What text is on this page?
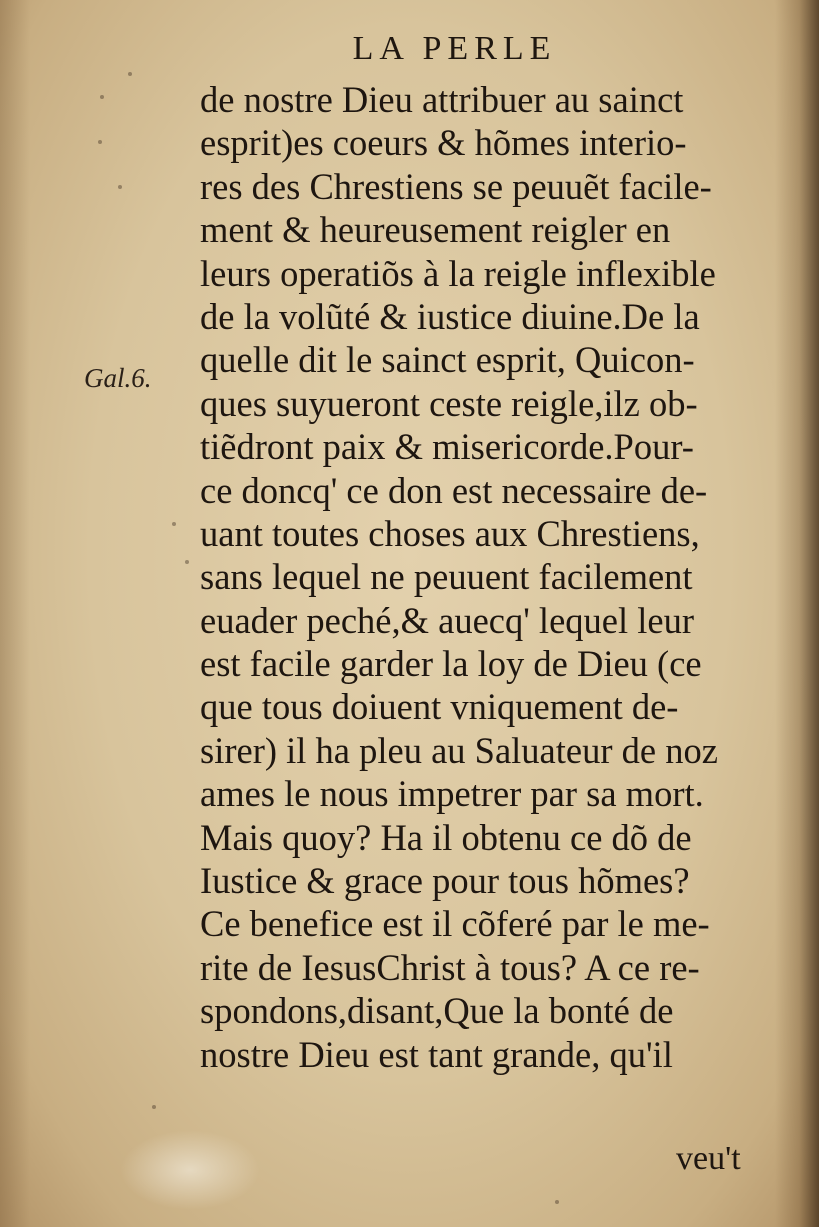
LA PERLE
Gal.6.
de nostre Dieu attribuer au sainct
esprit)es coeurs & hõmes interio-
res des Chrestiens se peuuẽt facile-
ment & heureusement reigler en
leurs operatiõs à la reigle inflexible
de la volũté & iustice diuine.De la
quelle dit le sainct esprit, Quicon-
ques suyueront ceste reigle,ilz ob-
tiẽdront paix & misericorde.Pour-
ce doncq' ce don est necessaire de-
uant toutes choses aux Chrestiens,
sans lequel ne peuuent facilement
euader peché,& auecq' lequel leur
est facile garder la loy de Dieu (ce
que tous doiuent vniquement de-
sirer) il ha pleu au Saluateur de noz
ames le nous impetrer par sa mort.
Mais quoy? Ha il obtenu ce dõ de
Iustice & grace pour tous hõmes?
Ce benefice est il cõferé par le me-
rite de IesusChrist à tous? A ce re-
spondons,disant,Que la bonté de
nostre Dieu est tant grande, qu'il
veu't
